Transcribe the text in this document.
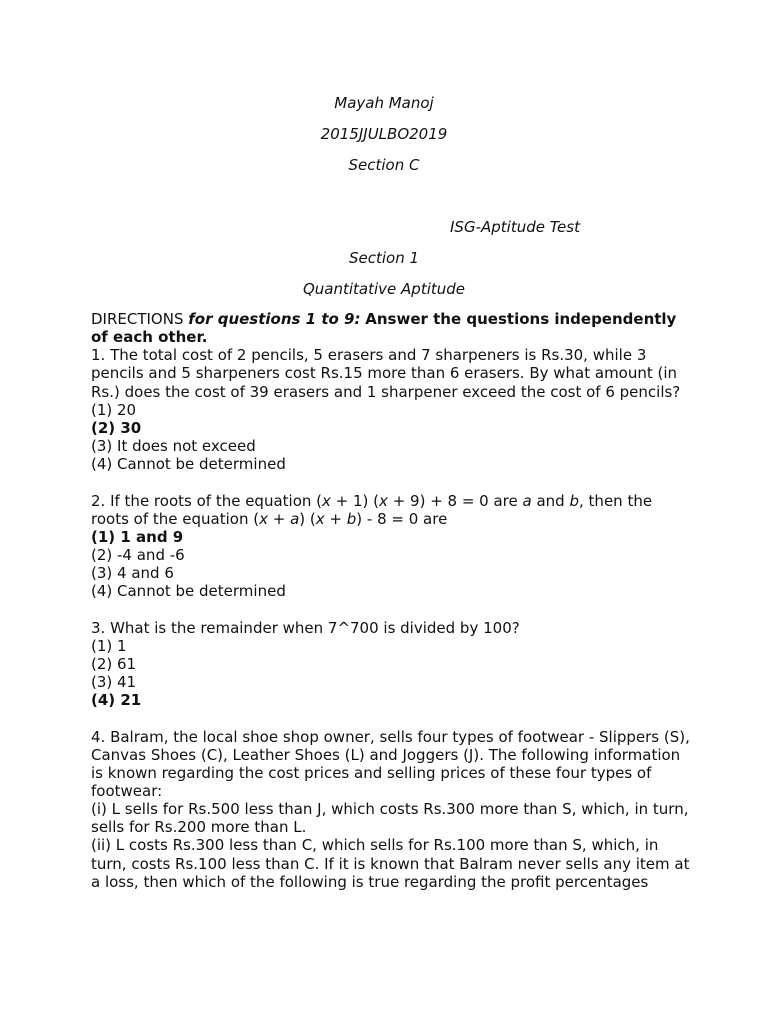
Mayah Manoj
2015JJULBO2019
Section C
ISG-Aptitude Test
Section 1
Quantitative Aptitude

DIRECTIONS for questions 1 to 9: Answer the questions independently of each other.

1. The total cost of 2 pencils, 5 erasers and 7 sharpeners is Rs.30, while 3 pencils and 5 sharpeners cost Rs.15 more than 6 erasers. By what amount (in Rs.) does the cost of 39 erasers and 1 sharpener exceed the cost of 6 pencils?

(1) 20

(2) 30

(3) It does not exceed

(4) Cannot be determined

2. If the roots of the equation (x + 1) (x + 9) + 8 = 0 are a and b, then the roots of the equation (x + a) (x + b) - 8 = 0 are

(1) 1 and 9

(2) -4 and -6

(3) 4 and 6

(4) Cannot be determined

3. What is the remainder when 7^700 is divided by 100?

(1) 1

(2) 61

(3) 41

(4) 21

4. Balram, the local shoe shop owner, sells four types of footwear - Slippers (S), Canvas Shoes (C), Leather Shoes (L) and Joggers (J). The following information is known regarding the cost prices and selling prices of these four types of footwear:

(i) L sells for Rs.500 less than J, which costs Rs.300 more than S, which, in turn, sells for Rs.200 more than L.

(ii) L costs Rs.300 less than C, which sells for Rs.100 more than S, which, in turn, costs Rs.100 less than C. If it is known that Balram never sells any item at a loss, then which of the following is true regarding the profit percentages
